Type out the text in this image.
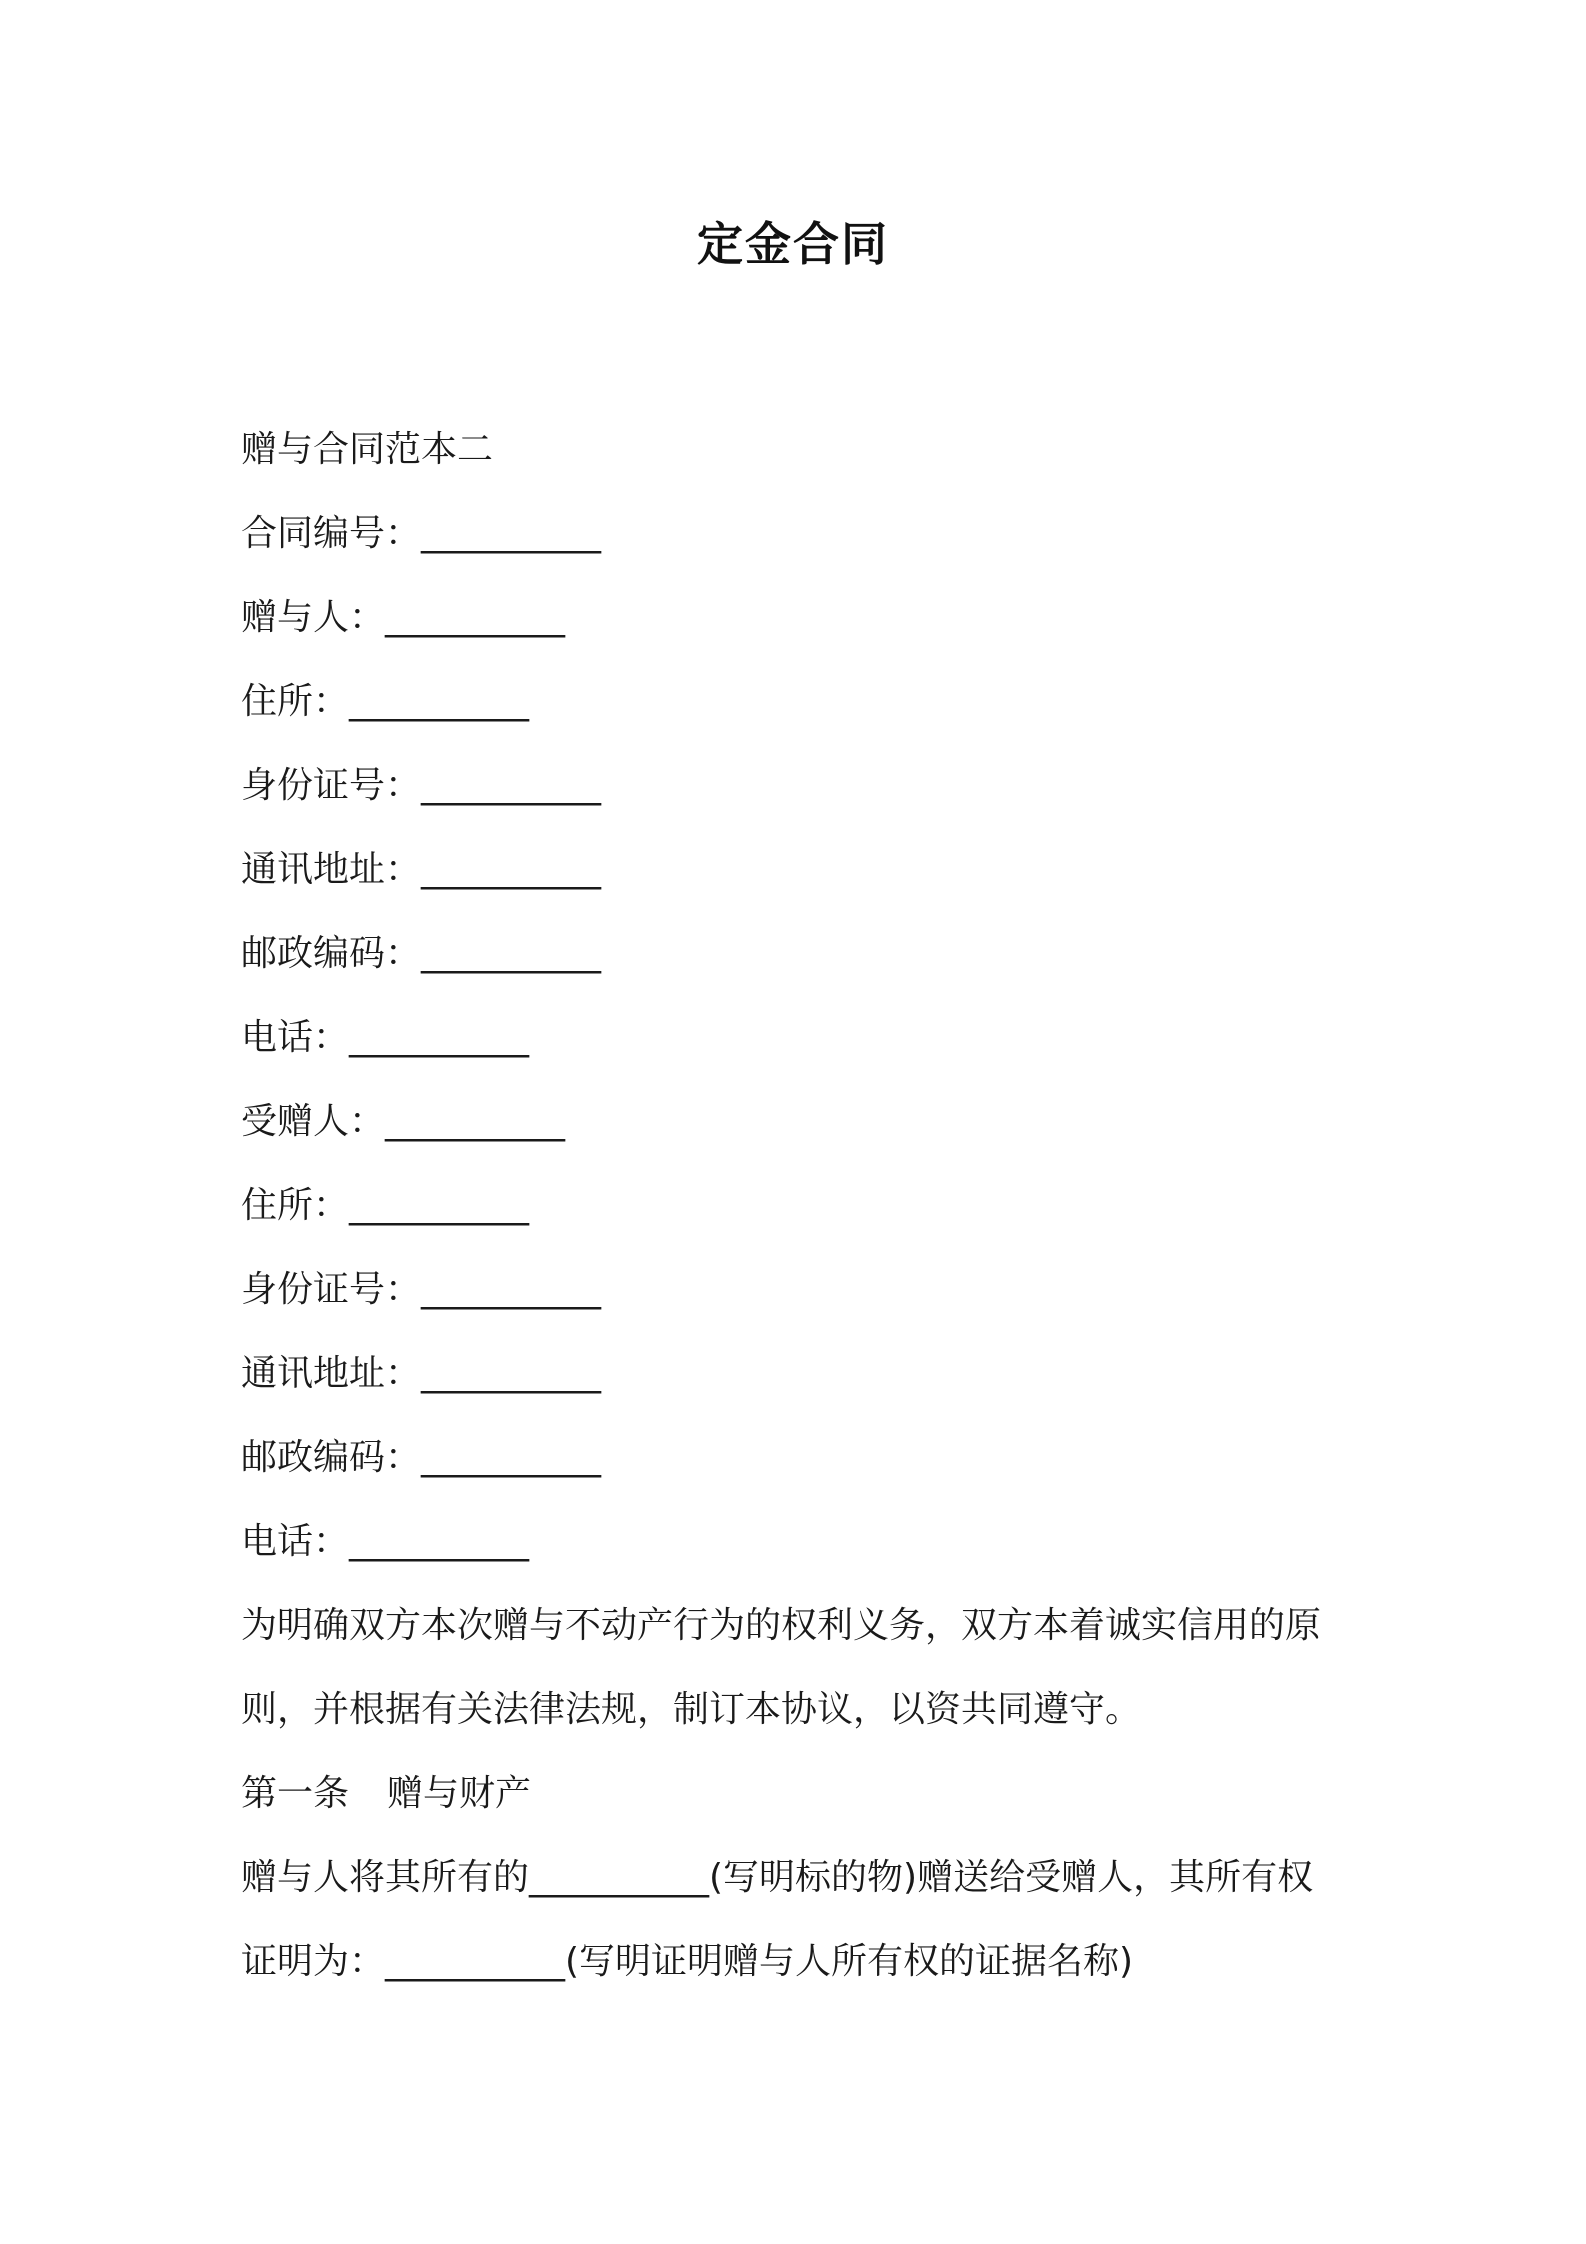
定金合同
赠与合同范本二
合同编号：__________
赠与人：__________
住所：__________
身份证号：__________
通讯地址：__________
邮政编码：__________
电话：__________
受赠人：__________
住所：__________
身份证号：__________
通讯地址：__________
邮政编码：__________
电话：__________
为明确双方本次赠与不动产行为的权利义务，双方本着诚实信用的原
则，并根据有关法律法规，制订本协议，以资共同遵守。
第一条 赠与财产
赠与人将其所有的__________(写明标的物)赠送给受赠人，其所有权
证明为：__________(写明证明赠与人所有权的证据名称)
